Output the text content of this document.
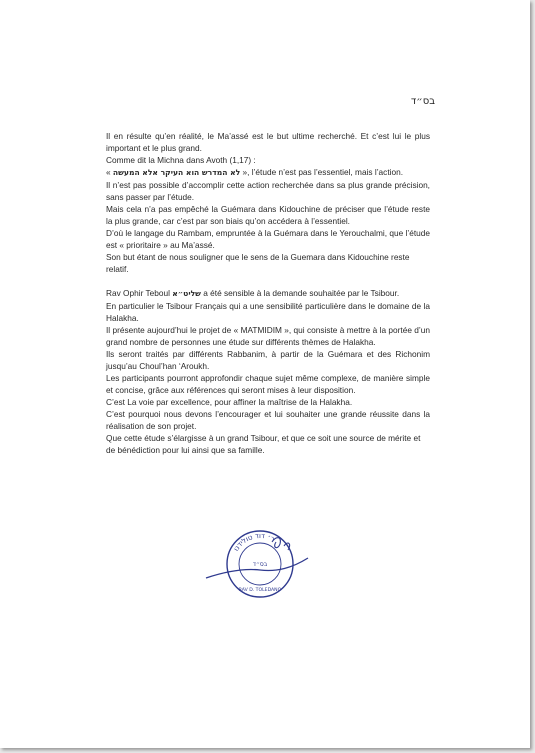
בס״ד

Il en résulte qu’en réalité, le Ma’assé est le but ultime recherché. Et c’est lui le plus important et le plus grand.

Comme dit la Michna dans Avoth (1,17) :

« לא המדרש הוא העיקר אלא המעשה », l’étude n’est pas l’essentiel, mais l’action.

Il n’est pas possible d’accomplir cette action recherchée dans sa plus grande précision, sans passer par l’étude.

Mais cela n’a pas empêché la Guémara dans Kidouchine de préciser que l’étude reste la plus grande, car c’est par son biais qu’on accédera à l’essentiel.

D’où le langage du Rambam, empruntée à la Guémara dans le Yerouchalmi, que l’étude est « prioritaire » au Ma’assé.

Son but étant de nous souligner que le sens de la Guemara dans Kidouchine reste relatif.

Rav Ophir Teboul שליט״א a été sensible à la demande souhaitée par le Tsibour.

En particulier le Tsibour Français qui a une sensibilité particulière dans le domaine de la Halakha.

Il présente aujourd’hui le projet de « MATMIDIM », qui consiste à mettre à la portée d’un grand nombre de personnes une étude sur différents thèmes de Halakha.

Ils seront traités par différents Rabbanim, à partir de la Guémara et des Richonim jusqu’au Choul’han ‘Aroukh.

Les participants pourront approfondir chaque sujet même complexe, de manière simple et concise, grâce aux références qui seront mises à leur disposition.

C’est La voie par excellence, pour affiner la maîtrise de la Halakha.

C’est pourquoi nous devons l’encourager et lui souhaiter une grande réussite dans la réalisation de son projet.

Que cette étude s’élargisse à un grand Tsibour, et que ce soit une source de mérite et de bénédiction pour lui ainsi que sa famille.

ר׳ דוד טולידנו
בס״ד
RAV D. TOLEDANO
